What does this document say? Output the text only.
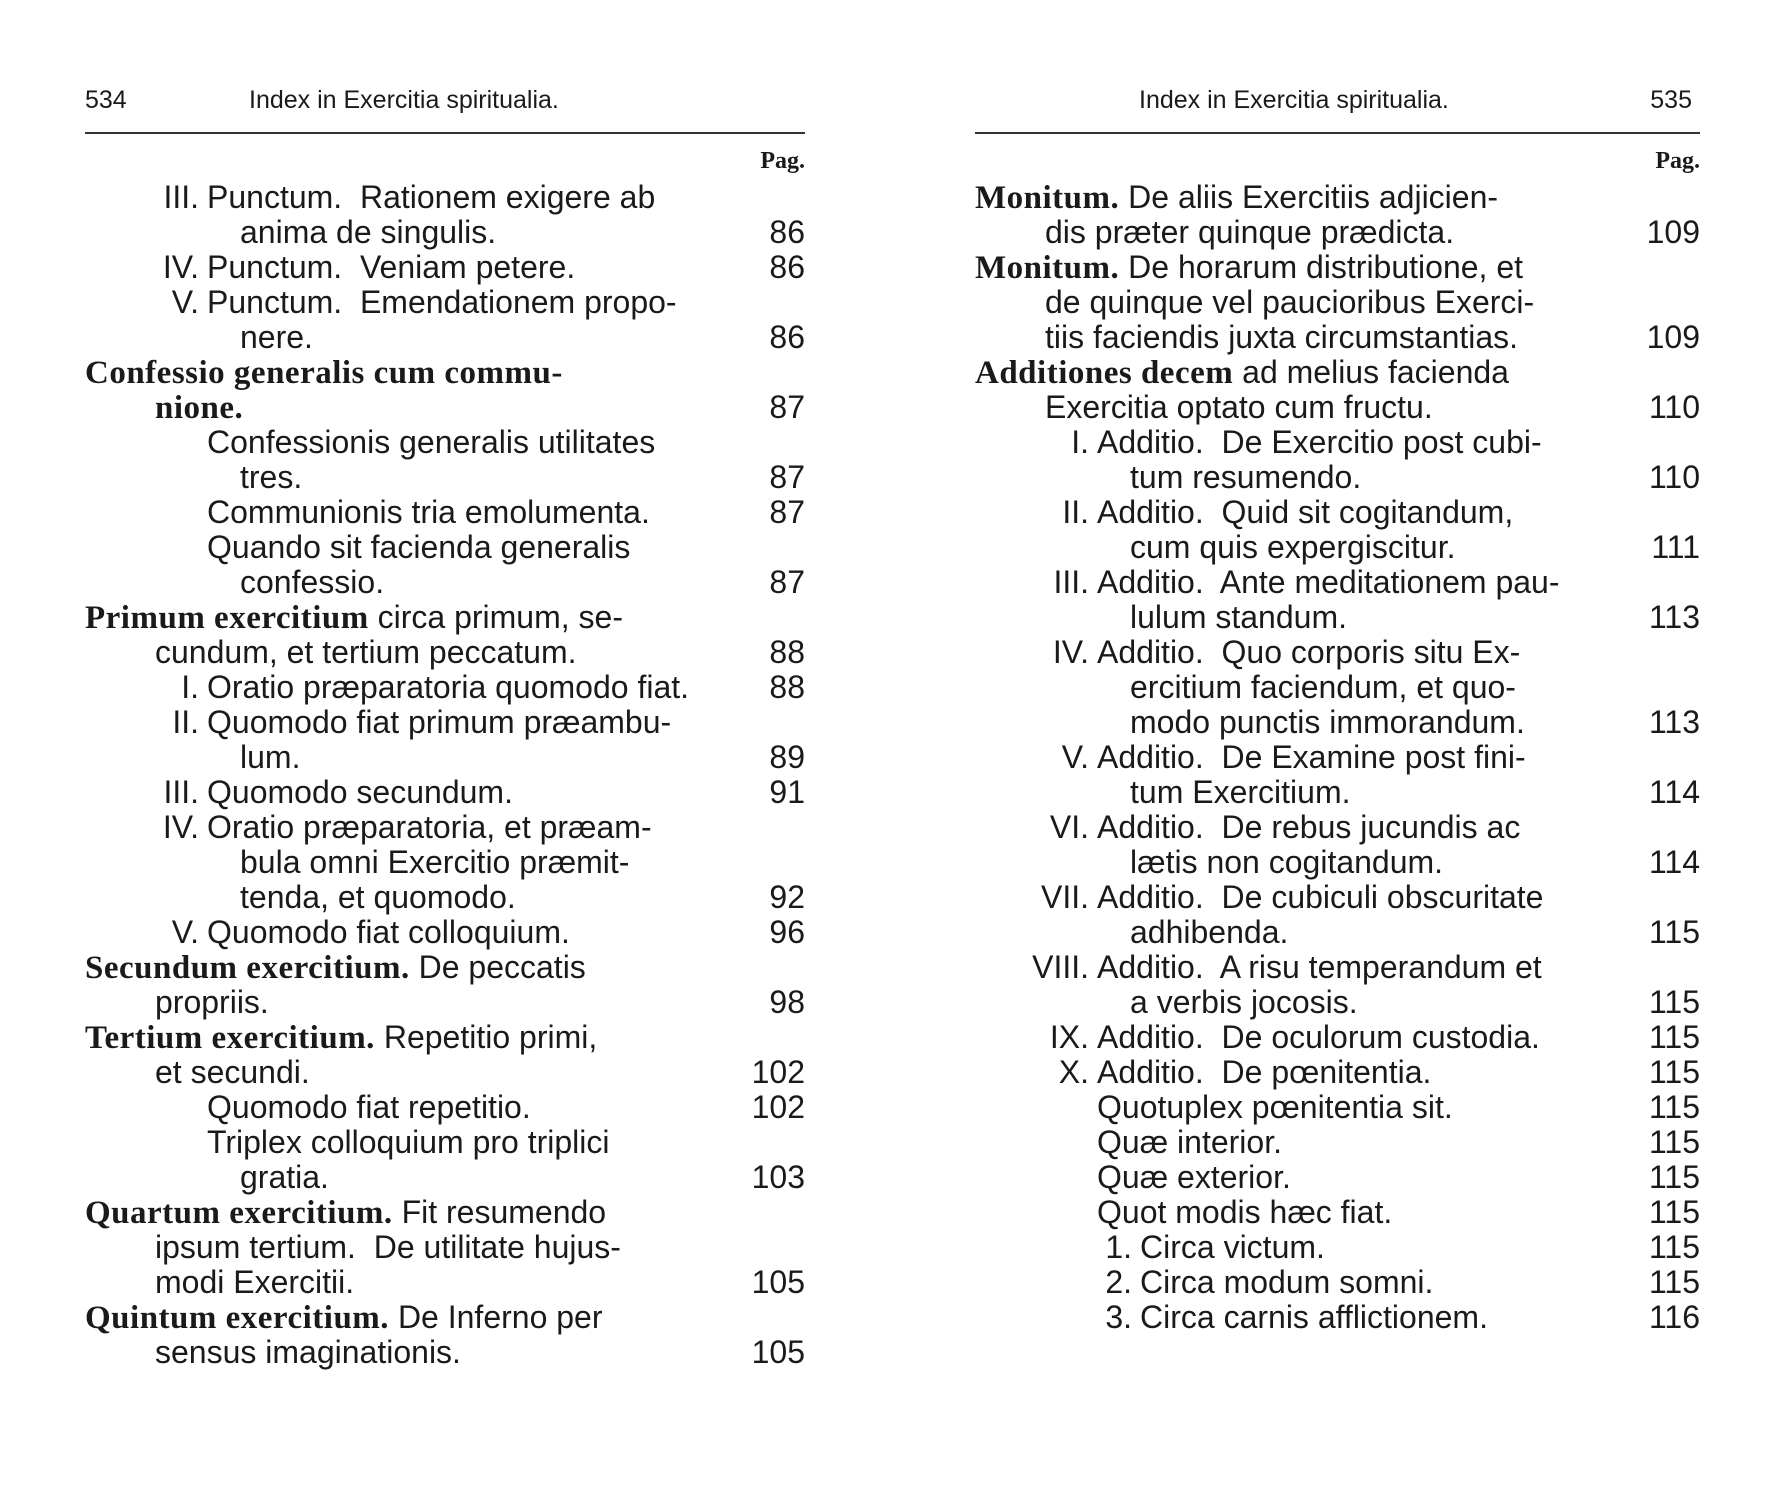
534	Index in Exercitia spiritualia.
Pag.
III. Punctum.  Rationem exigere ab
anima de singulis.	86
IV. Punctum.  Veniam petere.	86
V. Punctum.  Emendationem propo-
nere.	86
Confessio generalis cum commu-
nione.	87
Confessionis generalis utilitates
tres.	87
Communionis tria emolumenta.	87
Quando sit facienda generalis
confessio.	87
Primum exercitium circa primum, se-
cundum, et tertium peccatum.	88
I. Oratio præparatoria quomodo fiat.	88
II. Quomodo fiat primum præambu-
lum.	89
III. Quomodo secundum.	91
IV. Oratio præparatoria, et præam-
bula omni Exercitio præmit-
tenda, et quomodo.	92
V. Quomodo fiat colloquium.	96
Secundum exercitium. De peccatis
propriis.	98
Tertium exercitium. Repetitio primi,
et secundi.	102
Quomodo fiat repetitio.	102
Triplex colloquium pro triplici
gratia.	103
Quartum exercitium. Fit resumendo
ipsum tertium.  De utilitate hujus-
modi Exercitii.	105
Quintum exercitium. De Inferno per
sensus imaginationis.	105
Index in Exercitia spiritualia.	535
Pag.
Monitum. De aliis Exercitiis adjicien-
dis præter quinque prædicta.	109
Monitum. De horarum distributione, et
de quinque vel paucioribus Exerci-
tiis faciendis juxta circumstantias.	109
Additiones decem ad melius facienda
Exercitia optato cum fructu.	110
I. Additio.  De Exercitio post cubi-
tum resumendo.	110
II. Additio.  Quid sit cogitandum,
cum quis expergiscitur.	111
III. Additio.  Ante meditationem pau-
lulum standum.	113
IV. Additio.  Quo corporis situ Ex-
ercitium faciendum, et quo-
modo punctis immorandum.	113
V. Additio.  De Examine post fini-
tum Exercitium.	114
VI. Additio.  De rebus jucundis ac
lætis non cogitandum.	114
VII. Additio.  De cubiculi obscuritate
adhibenda.	115
VIII. Additio.  A risu temperandum et
a verbis jocosis.	115
IX. Additio.  De oculorum custodia.	115
X. Additio.  De pœnitentia.	115
Quotuplex pœnitentia sit.	115
Quæ interior.	115
Quæ exterior.	115
Quot modis hæc fiat.	115
1. Circa victum.	115
2. Circa modum somni.	115
3. Circa carnis afflictionem.	116
